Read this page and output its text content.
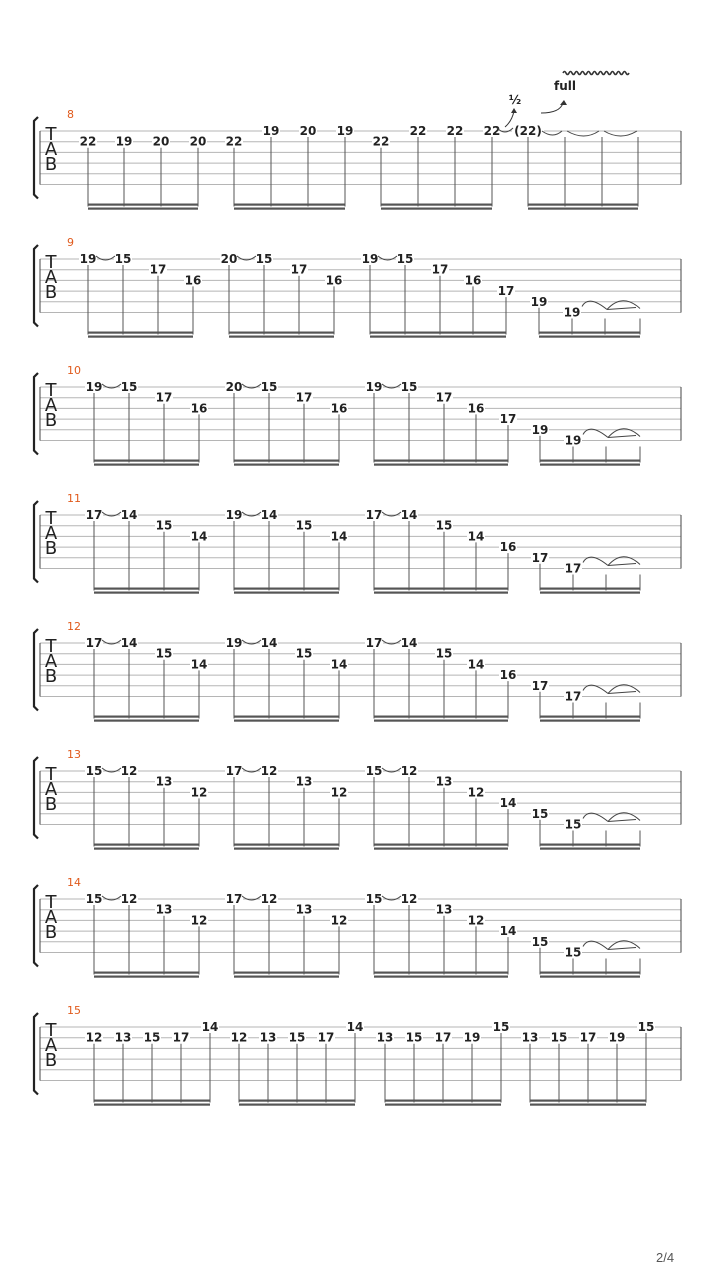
T
A
B
8
22 19 20 20 22
19 20 19
22
22 22 22 (22)
½
full
T
A
B
9
19 15
17
16
20 15
17
16
19 15
17
16
17
19
19
T
A
B
10
19 15
17
16
20 15
17
16
19 15
17
16
17
19
19
T
A
B
11
17 14
15
14
19 14
15
14
17 14
15
14
16
17
17
T
A
B
12
17 14
15
14
19 14
15
14
17 14
15
14
16
17
17
T
A
B
13
15 12
13
12
17 12
13
12
15 12
13
12
14
15
15
T
A
B
14
15 12
13
12
17 12
13
12
15 12
13
12
14
15
15
T
A
B
15
12 13 15 17
14
12 13 15 17
14
13 15 17 19
15
13 15 17 19
15
2/4
